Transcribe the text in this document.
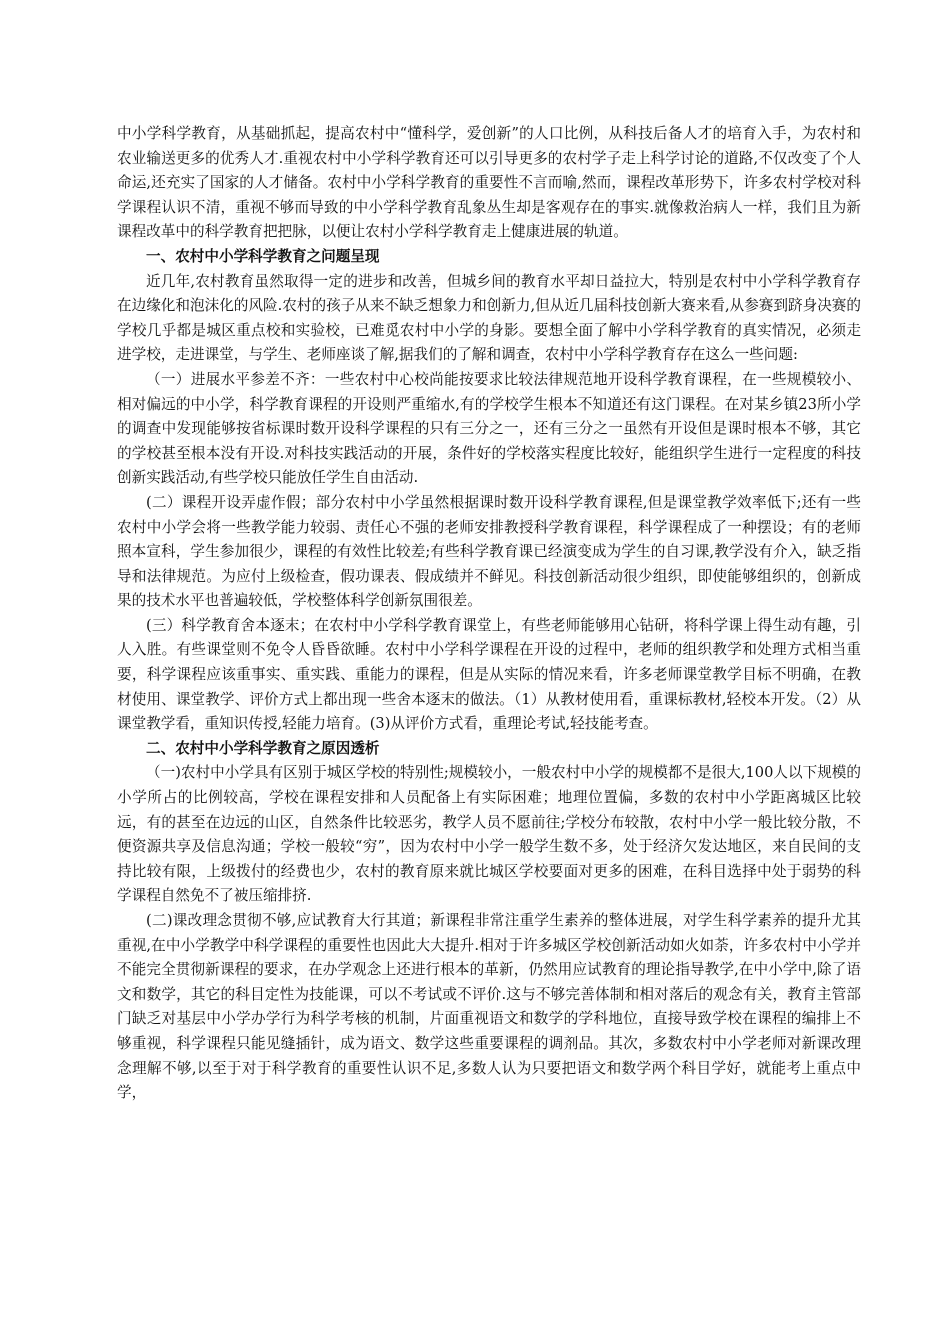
中小学科学教育，从基础抓起，提高农村中“懂科学，爱创新”的人口比例，从科技后备人才的培育入手，为农村和农业输送更多的优秀人才.重视农村中小学科学教育还可以引导更多的农村学子走上科学讨论的道路,不仅改变了个人命运,还充实了国家的人才储备。农村中小学科学教育的重要性不言而喻,然而，课程改革形势下，许多农村学校对科学课程认识不清，重视不够而导致的中小学科学教育乱象丛生却是客观存在的事实.就像救治病人一样，我们且为新课程改革中的科学教育把把脉，以便让农村小学科学教育走上健康进展的轨道。

一、农村中小学科学教育之问题呈现

近几年,农村教育虽然取得一定的进步和改善，但城乡间的教育水平却日益拉大，特别是农村中小学科学教育存在边缘化和泡沫化的风险.农村的孩子从来不缺乏想象力和创新力,但从近几届科技创新大赛来看,从参赛到跻身决赛的学校几乎都是城区重点校和实验校，已难觅农村中小学的身影。要想全面了解中小学科学教育的真实情况，必须走进学校，走进课堂，与学生、老师座谈了解,据我们的了解和调查，农村中小学科学教育存在这么一些问题:

（一）进展水平参差不齐：一些农村中心校尚能按要求比较法律规范地开设科学教育课程，在一些规模较小、相对偏远的中小学，科学教育课程的开设则严重缩水,有的学校学生根本不知道还有这门课程。在对某乡镇23所小学的调查中发现能够按省标课时数开设科学课程的只有三分之一，还有三分之一虽然有开设但是课时根本不够，其它的学校甚至根本没有开设.对科技实践活动的开展，条件好的学校落实程度比较好，能组织学生进行一定程度的科技创新实践活动,有些学校只能放任学生自由活动.

(二）课程开设弄虚作假；部分农村中小学虽然根据课时数开设科学教育课程,但是课堂教学效率低下;还有一些农村中小学会将一些教学能力较弱、责任心不强的老师安排教授科学教育课程，科学课程成了一种摆设；有的老师照本宣科，学生参加很少，课程的有效性比较差;有些科学教育课已经演变成为学生的自习课,教学没有介入，缺乏指导和法律规范。为应付上级检查，假功课表、假成绩并不鲜见。科技创新活动很少组织，即使能够组织的，创新成果的技术水平也普遍较低，学校整体科学创新氛围很差。

(三）科学教育舍本逐末；在农村中小学科学教育课堂上，有些老师能够用心钻研，将科学课上得生动有趣，引人入胜。有些课堂则不免令人昏昏欲睡。农村中小学科学课程在开设的过程中，老师的组织教学和处理方式相当重要，科学课程应该重事实、重实践、重能力的课程，但是从实际的情况来看，许多老师课堂教学目标不明确，在教材使用、课堂教学、评价方式上都出现一些舍本逐末的做法。（1）从教材使用看，重课标教材,轻校本开发。（2）从课堂教学看，重知识传授,轻能力培育。(3)从评价方式看，重理论考试,轻技能考查。

二、农村中小学科学教育之原因透析

（一)农村中小学具有区别于城区学校的特别性;规模较小，一般农村中小学的规模都不是很大,100人以下规模的小学所占的比例较高，学校在课程安排和人员配备上有实际困难；地理位置偏，多数的农村中小学距离城区比较远，有的甚至在边远的山区，自然条件比较恶劣，教学人员不愿前往;学校分布较散，农村中小学一般比较分散，不便资源共享及信息沟通；学校一般较“穷”，因为农村中小学一般学生数不多，处于经济欠发达地区，来自民间的支持比较有限，上级拨付的经费也少，农村的教育原来就比城区学校要面对更多的困难，在科目选择中处于弱势的科学课程自然免不了被压缩排挤.

(二)课改理念贯彻不够,应试教育大行其道；新课程非常注重学生素养的整体进展，对学生科学素养的提升尤其重视,在中小学教学中科学课程的重要性也因此大大提升.相对于许多城区学校创新活动如火如荼，许多农村中小学并不能完全贯彻新课程的要求，在办学观念上还进行根本的革新，仍然用应试教育的理论指导教学,在中小学中,除了语文和数学，其它的科目定性为技能课，可以不考试或不评价.这与不够完善体制和相对落后的观念有关，教育主管部门缺乏对基层中小学办学行为科学考核的机制，片面重视语文和数学的学科地位，直接导致学校在课程的编排上不够重视，科学课程只能见缝插针，成为语文、数学这些重要课程的调剂品。其次，多数农村中小学老师对新课改理念理解不够,以至于对于科学教育的重要性认识不足,多数人认为只要把语文和数学两个科目学好，就能考上重点中学，
